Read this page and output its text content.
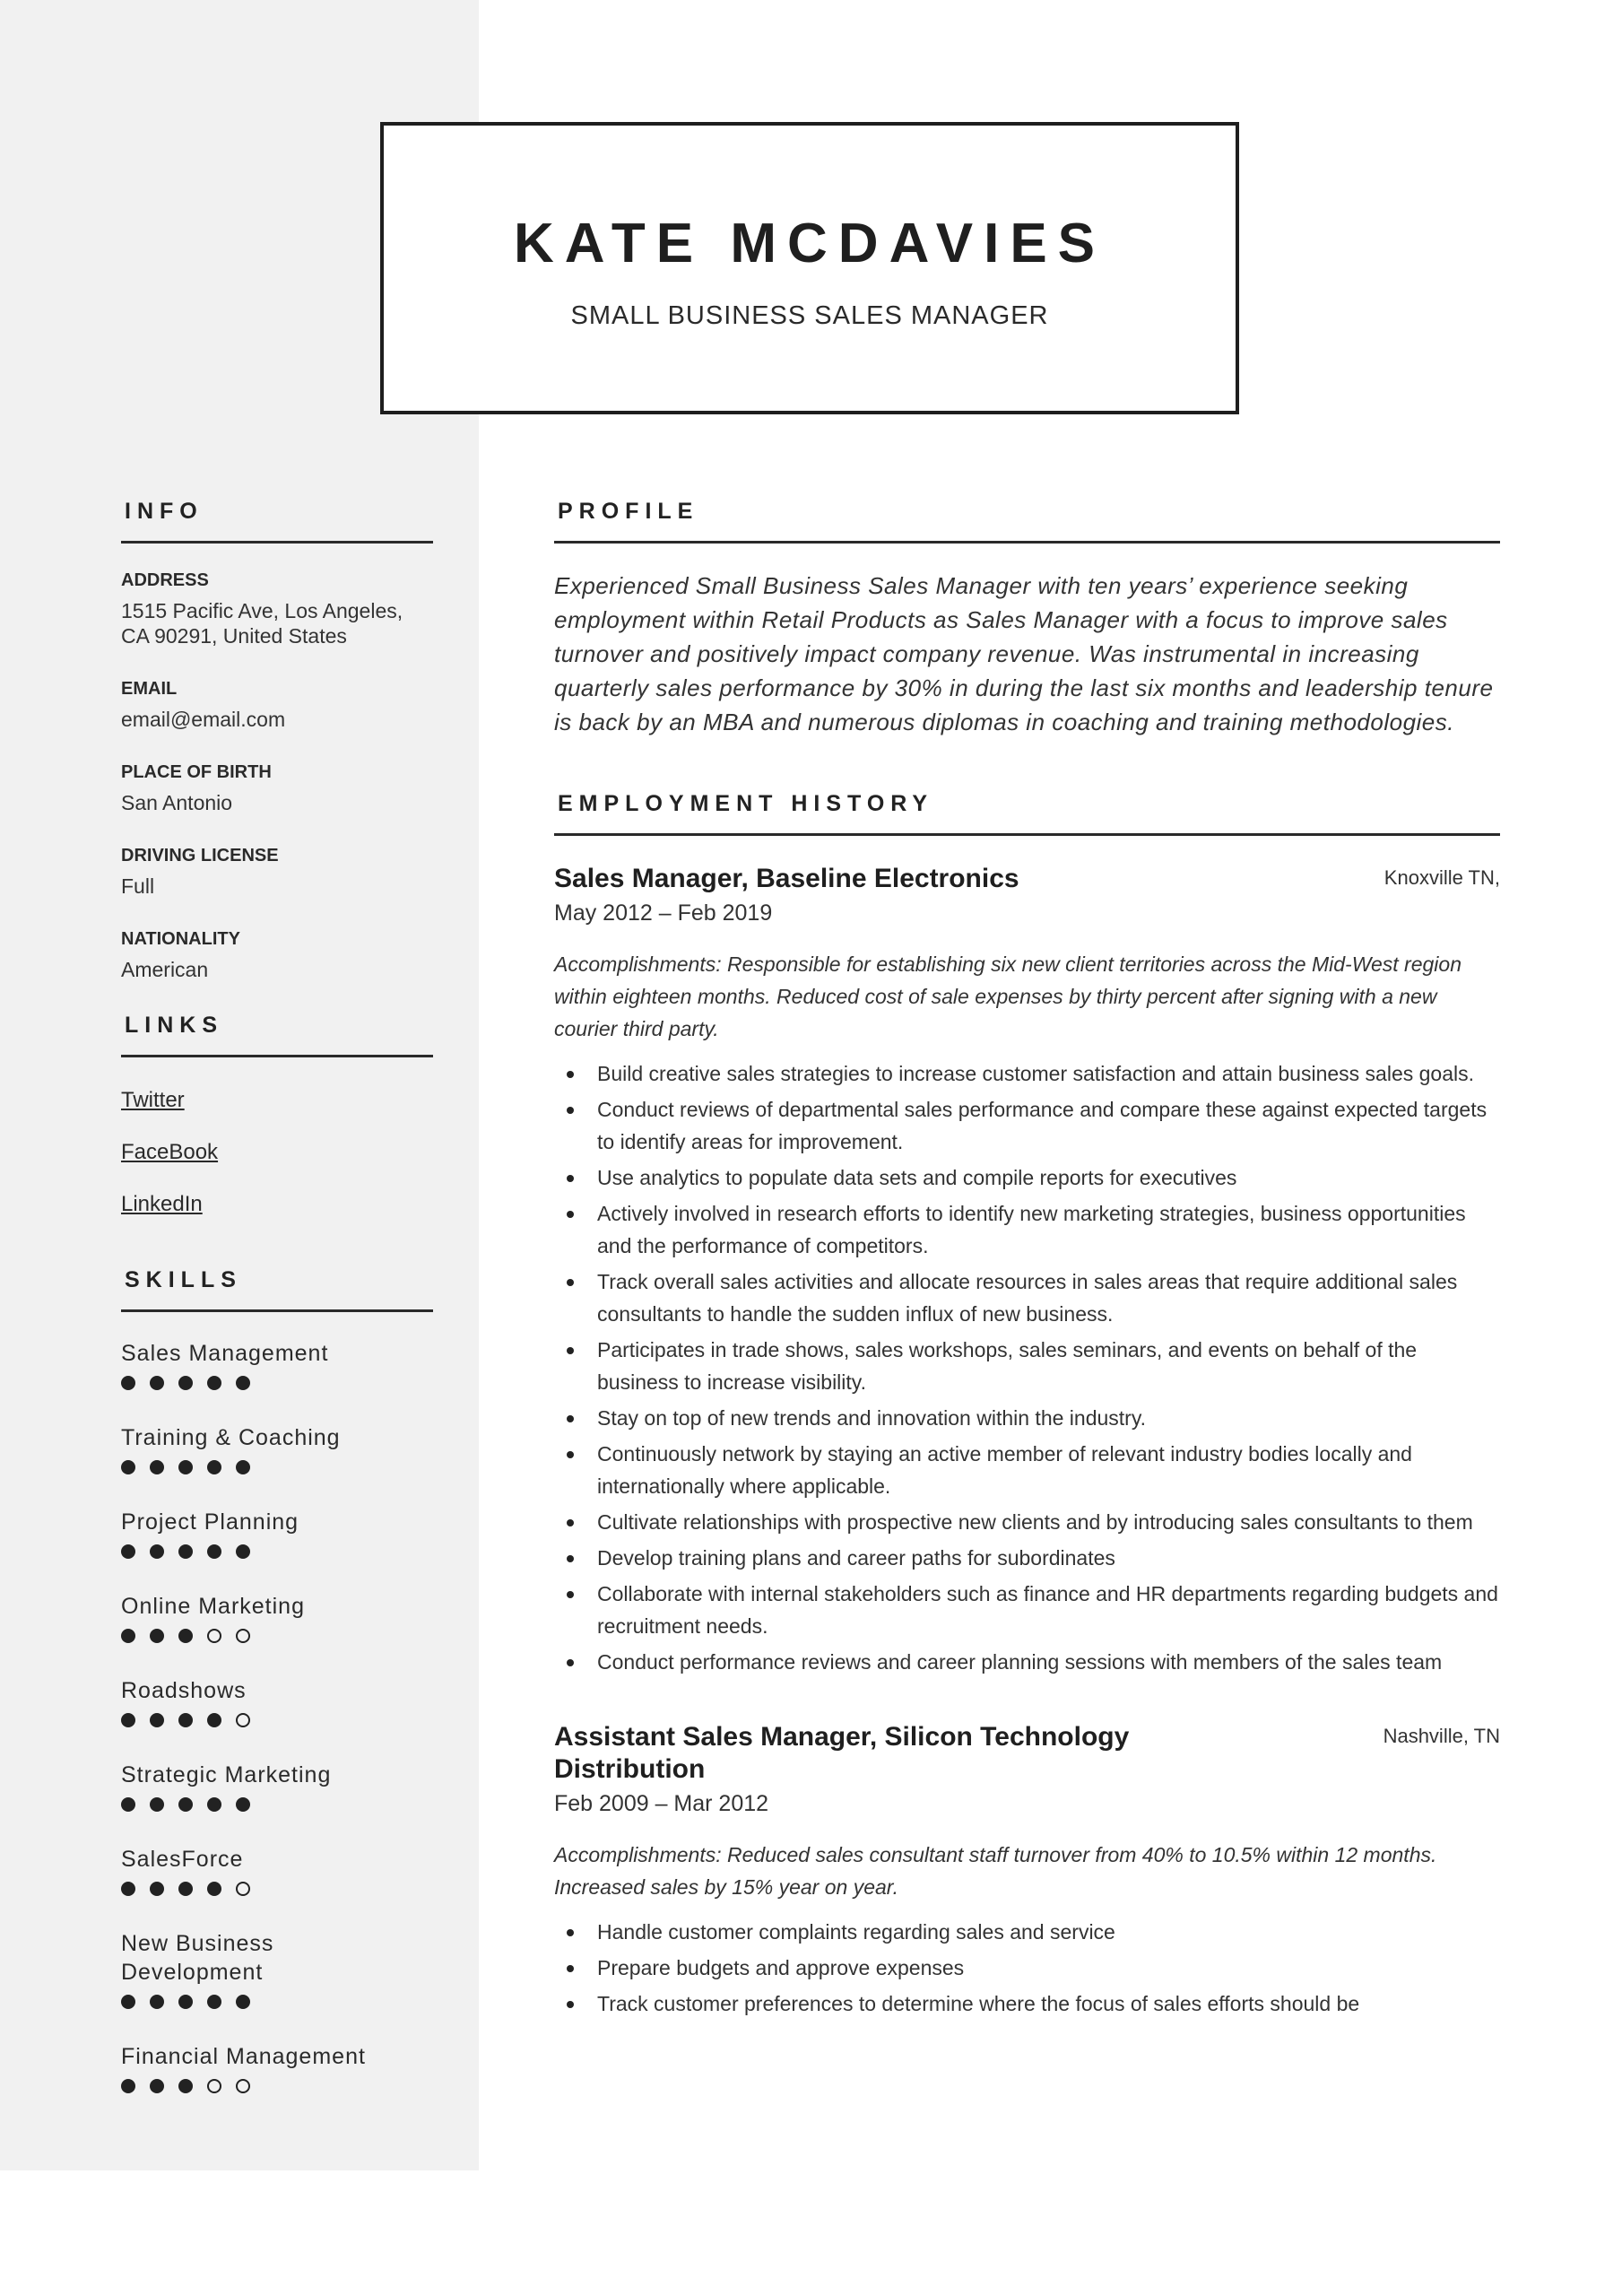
KATE MCDAVIES
SMALL BUSINESS SALES MANAGER
INFO
ADDRESS
1515 Pacific Ave, Los Angeles, CA 90291, United States
EMAIL
email@email.com
PLACE OF BIRTH
San Antonio
DRIVING LICENSE
Full
NATIONALITY
American
LINKS
Twitter
FaceBook
LinkedIn
SKILLS
Sales Management
Training & Coaching
Project Planning
Online Marketing
Roadshows
Strategic Marketing
SalesForce
New Business Development
Financial Management
PROFILE
Experienced Small Business Sales Manager with ten years’ experience seeking employment within Retail Products as Sales Manager with a focus to improve sales turnover and positively impact company revenue. Was instrumental in increasing quarterly sales performance by 30% in during the last six months and leadership tenure is back by an MBA and numerous diplomas in coaching and training methodologies.
EMPLOYMENT HISTORY
Sales Manager, Baseline Electronics	Knoxville TN,
May 2012 – Feb 2019
Accomplishments: Responsible for establishing six new client territories across the Mid-West region within eighteen months. Reduced cost of sale expenses by thirty percent after signing with a new courier third party.
Build creative sales strategies to increase customer satisfaction and attain business sales goals.
Conduct reviews of departmental sales performance and compare these against expected targets to identify areas for improvement.
Use analytics to populate data sets and compile reports for executives
Actively involved in research efforts to identify new marketing strategies, business opportunities and the performance of competitors.
Track overall sales activities and allocate resources in sales areas that require additional sales consultants to handle the sudden influx of new business.
Participates in trade shows, sales workshops, sales seminars, and events on behalf of the business to increase visibility.
Stay on top of new trends and innovation within the industry.
Continuously network by staying an active member of relevant industry bodies locally and internationally where applicable.
Cultivate relationships with prospective new clients and by introducing sales consultants to them
Develop training plans and career paths for subordinates
Collaborate with internal stakeholders such as finance and HR departments regarding budgets and recruitment needs.
Conduct performance reviews and career planning sessions with members of the sales team
Assistant Sales Manager, Silicon Technology Distribution
Nashville, TN
Feb 2009 – Mar 2012
Accomplishments: Reduced sales consultant staff turnover from 40% to 10.5% within 12 months. Increased sales by 15% year on year.
Handle customer complaints regarding sales and service
Prepare budgets and approve expenses
Track customer preferences to determine where the focus of sales efforts should be
